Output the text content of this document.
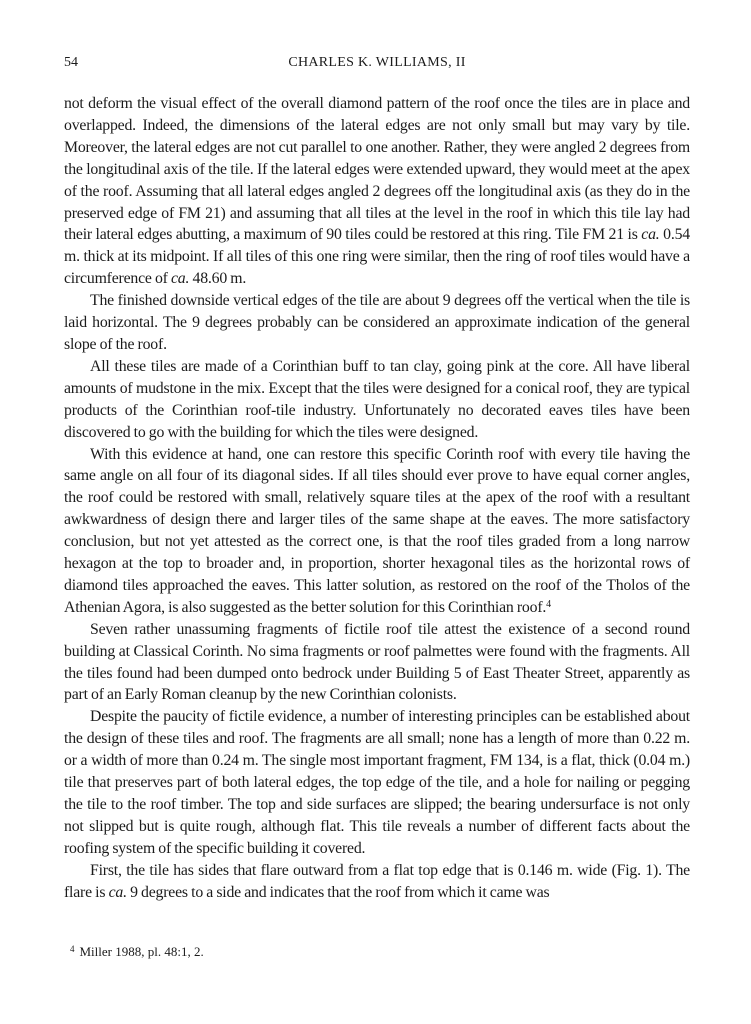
54	CHARLES K. WILLIAMS, II

not deform the visual effect of the overall diamond pattern of the roof once the tiles are in place and overlapped. Indeed, the dimensions of the lateral edges are not only small but may vary by tile. Moreover, the lateral edges are not cut parallel to one another. Rather, they were angled 2 degrees from the longitudinal axis of the tile. If the lateral edges were extended upward, they would meet at the apex of the roof. Assuming that all lateral edges angled 2 degrees off the longitudinal axis (as they do in the preserved edge of FM 21) and assuming that all tiles at the level in the roof in which this tile lay had their lateral edges abutting, a maximum of 90 tiles could be restored at this ring. Tile FM 21 is ca. 0.54 m. thick at its midpoint. If all tiles of this one ring were similar, then the ring of roof tiles would have a circumference of ca. 48.60 m.

The finished downside vertical edges of the tile are about 9 degrees off the vertical when the tile is laid horizontal. The 9 degrees probably can be considered an approximate indication of the general slope of the roof.

All these tiles are made of a Corinthian buff to tan clay, going pink at the core. All have liberal amounts of mudstone in the mix. Except that the tiles were designed for a conical roof, they are typical products of the Corinthian roof-tile industry. Unfortunately no decorated eaves tiles have been discovered to go with the building for which the tiles were designed.

With this evidence at hand, one can restore this specific Corinth roof with every tile having the same angle on all four of its diagonal sides. If all tiles should ever prove to have equal corner angles, the roof could be restored with small, relatively square tiles at the apex of the roof with a resultant awkwardness of design there and larger tiles of the same shape at the eaves. The more satisfactory conclusion, but not yet attested as the correct one, is that the roof tiles graded from a long narrow hexagon at the top to broader and, in proportion, shorter hexagonal tiles as the horizontal rows of diamond tiles approached the eaves. This latter solution, as restored on the roof of the Tholos of the Athenian Agora, is also suggested as the better solution for this Corinthian roof.$^4$

Seven rather unassuming fragments of fictile roof tile attest the existence of a second round building at Classical Corinth. No sima fragments or roof palmettes were found with the fragments. All the tiles found had been dumped onto bedrock under Building 5 of East Theater Street, apparently as part of an Early Roman cleanup by the new Corinthian colonists.

Despite the paucity of fictile evidence, a number of interesting principles can be established about the design of these tiles and roof. The fragments are all small; none has a length of more than 0.22 m. or a width of more than 0.24 m. The single most important fragment, FM 134, is a flat, thick (0.04 m.) tile that preserves part of both lateral edges, the top edge of the tile, and a hole for nailing or pegging the tile to the roof timber. The top and side surfaces are slipped; the bearing undersurface is not only not slipped but is quite rough, although flat. This tile reveals a number of different facts about the roofing system of the specific building it covered.

First, the tile has sides that flare outward from a flat top edge that is 0.146 m. wide (Fig. 1). The flare is ca. 9 degrees to a side and indicates that the roof from which it came was

$^4$ Miller 1988, pl. 48:1, 2.
